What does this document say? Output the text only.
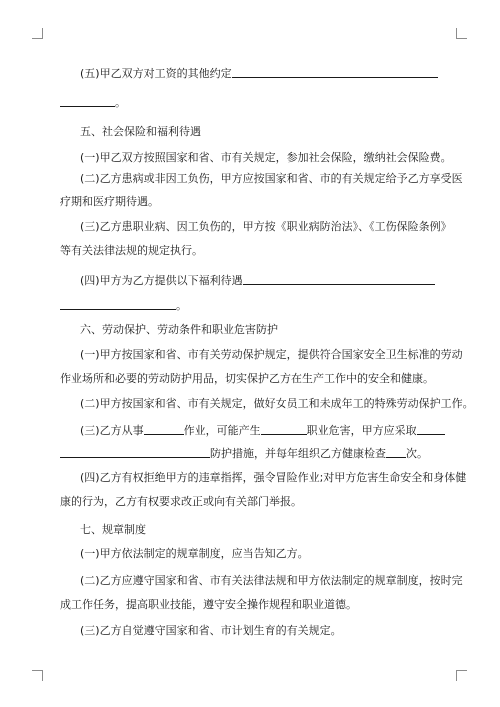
(五)甲乙双方对工资的其他约定
。
五、社会保险和福利待遇
(一)甲乙双方按照国家和省、市有关规定，参加社会保险，缴纳社会保险费。
(二)乙方患病或非因工负伤，甲方应按国家和省、市的有关规定给予乙方享受医
疗期和医疗期待遇。
(三)乙方患职业病、因工负伤的，甲方按《职业病防治法》、《工伤保险条例》
等有关法律法规的规定执行。
(四)甲方为乙方提供以下福利待遇
。
六、劳动保护、劳动条件和职业危害防护
(一)甲方按国家和省、市有关劳动保护规定，提供符合国家安全卫生标准的劳动
作业场所和必要的劳动防护用品，切实保护乙方在生产工作中的安全和健康。
(二)甲方按国家和省、市有关规定，做好女员工和未成年工的特殊劳动保护工作。
(三)乙方从事	作业，可能产生	职业危害，甲方应采取
防护措施，并每年组织乙方健康检查 次。
(四)乙方有权拒绝甲方的违章指挥，强令冒险作业;对甲方危害生命安全和身体健
康的行为，乙方有权要求改正或向有关部门举报。
七、规章制度
(一)甲方依法制定的规章制度，应当告知乙方。
(二)乙方应遵守国家和省、市有关法律法规和甲方依法制定的规章制度，按时完
成工作任务，提高职业技能，遵守安全操作规程和职业道德。
(三)乙方自觉遵守国家和省、市计划生育的有关规定。
